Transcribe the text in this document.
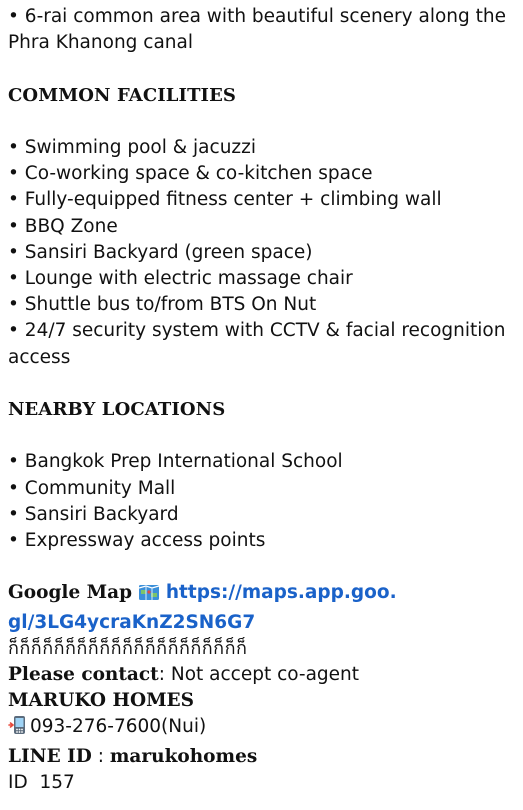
• 6-rai common area with beautiful scenery along the
Phra Khanong canal
COMMON FACILITIES
• Swimming pool & jacuzzi
• Co-working space & co-kitchen space
• Fully-equipped fitness center + climbing wall
• BBQ Zone
• Sansiri Backyard (green space)
• Lounge with electric massage chair
• Shuttle bus to/from BTS On Nut
• 24/7 security system with CCTV & facial recognition
access
NEARBY LOCATIONS
• Bangkok Prep International School
• Community Mall
• Sansiri Backyard
• Expressway access points
Google Map https://maps.app.goo.
gl/3LG4ycraKnZ2SN6G7
ก็ก็ก็ก็ก็ก็ก็ก็ก็ก็ก็ก็ก็ก็ก็ก็ก็ก็ก็ก็ก็
Please contact: Not accept co-agent
MARUKO HOMES
093-276-7600(Nui)
LINE ID : marukohomes
ID  157
